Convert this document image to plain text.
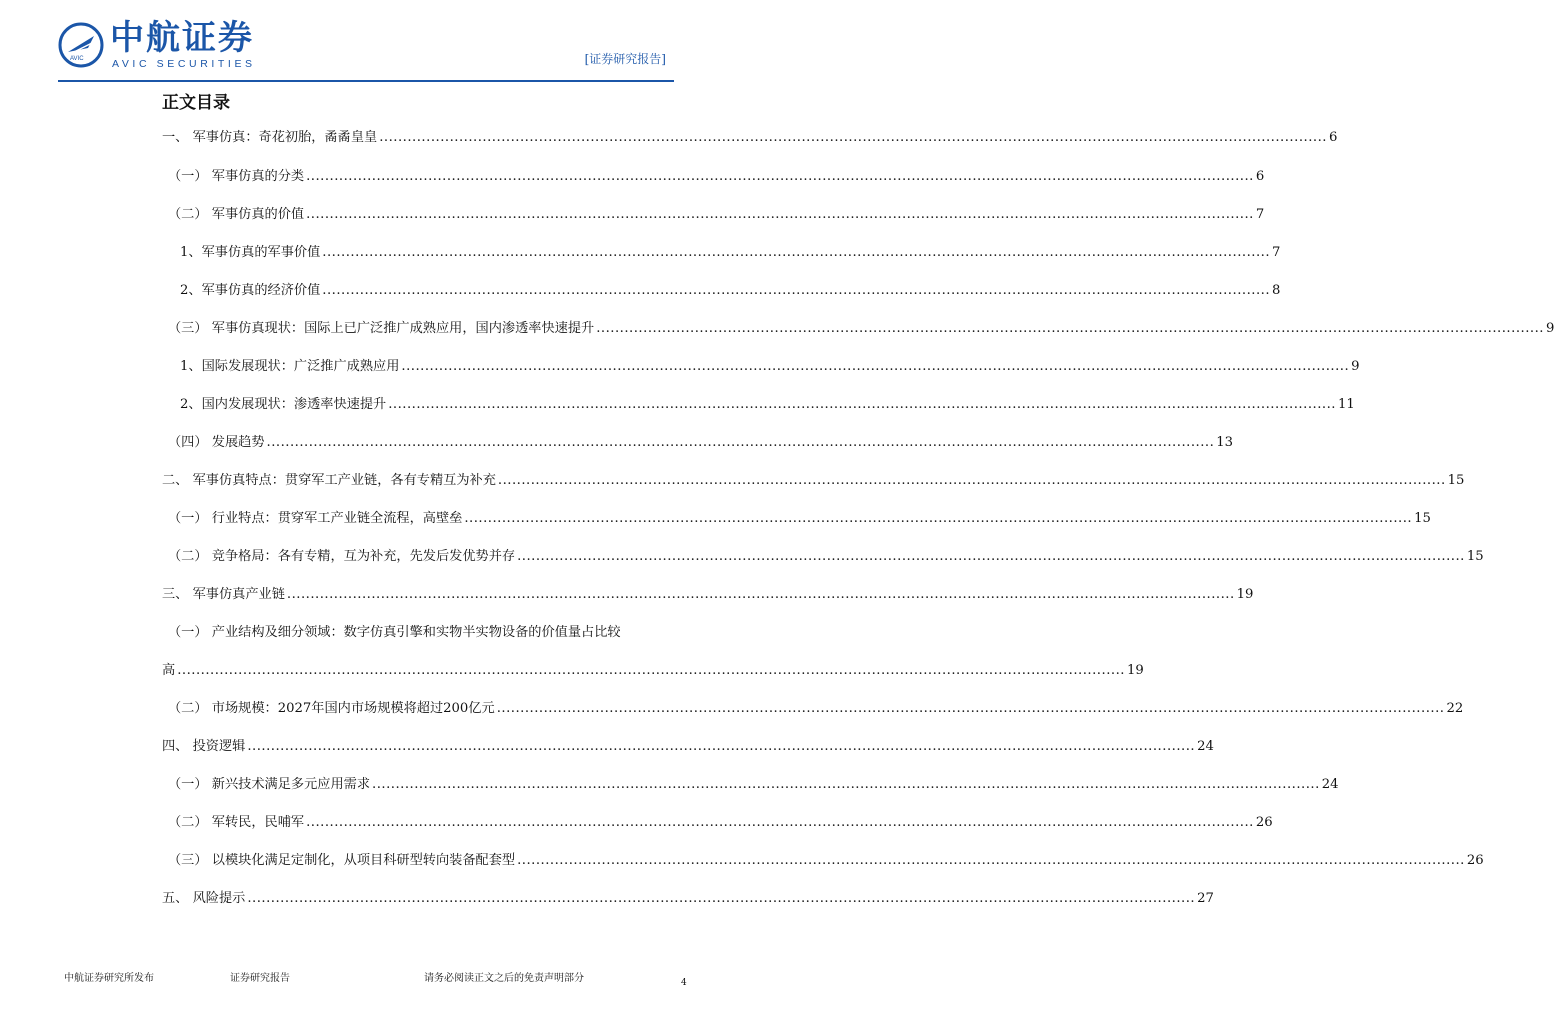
AVIC
中航证券
AVIC SECURITIES	[证券研究报告]
正文目录
一、 军事仿真：奇花初胎，矞矞皇皇 .....	6
（一） 军事仿真的分类 .....	6
（二） 军事仿真的价值 .....	7
1、军事仿真的军事价值 .....	7
2、军事仿真的经济价值 .....	8
（三） 军事仿真现状：国际上已广泛推广成熟应用，国内渗透率快速提升 .....	9
1、国际发展现状：广泛推广成熟应用 .....	9
2、国内发展现状：渗透率快速提升 .....	11
（四） 发展趋势 .....	13
二、 军事仿真特点：贯穿军工产业链，各有专精互为补充 .....	15
（一） 行业特点：贯穿军工产业链全流程，高壁垒 .....	15
（二） 竞争格局：各有专精，互为补充，先发后发优势并存 .....	15
三、 军事仿真产业链 .....	19
（一） 产业结构及细分领域：数字仿真引擎和实物半实物设备的价值量占比较
高 .....	19
（二） 市场规模：2027年国内市场规模将超过200亿元 .....	22
四、 投资逻辑 .....	24
（一） 新兴技术满足多元应用需求 .....	24
（二） 军转民，民哺军 .....	26
（三） 以模块化满足定制化，从项目科研型转向装备配套型 .....	26
五、 风险提示 .....	27
中航证券研究所发布	证券研究报告	请务必阅读正文之后的免责声明部分	4
